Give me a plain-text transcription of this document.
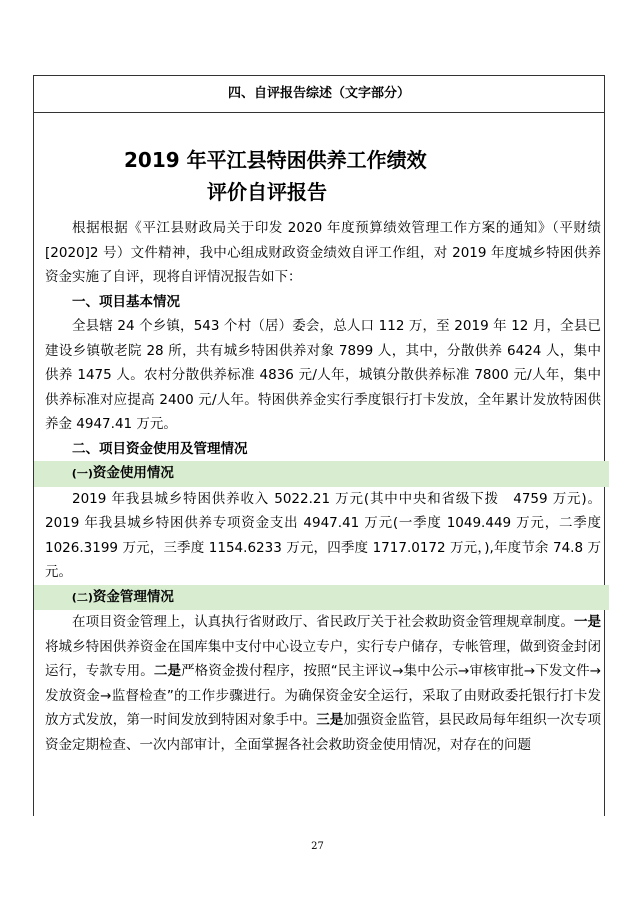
四、自评报告综述（文字部分）
2019 年平江县特困供养工作绩效
评价自评报告

根据根据《平江县财政局关于印发 2020 年度预算绩效管理工作方案的通知》（平财绩[2020]2 号）文件精神，我中心组成财政资金绩效自评工作组，对 2019 年度城乡特困供养资金实施了自评，现将自评情况报告如下：

一、项目基本情况

全县辖 24 个乡镇，543 个村（居）委会，总人口 112 万，至 2019 年 12 月，全县已建设乡镇敬老院 28 所，共有城乡特困供养对象 7899 人，其中，分散供养 6424 人，集中供养 1475 人。农村分散供养标准 4836 元/人年，城镇分散供养标准 7800 元/人年，集中供养标准对应提高 2400 元/人年。特困供养金实行季度银行打卡发放，全年累计发放特困供养金 4947.41 万元。

二、项目资金使用及管理情况

(一)资金使用情况

2019 年我县城乡特困供养收入 5022.21 万元(其中中央和省级下拨　4759 万元)。2019 年我县城乡特困供养专项资金支出 4947.41 万元(一季度 1049.449 万元，二季度 1026.3199 万元，三季度 1154.6233 万元，四季度 1717.0172 万元，),年度节余 74.8 万元。

(二)资金管理情况

在项目资金管理上，认真执行省财政厅、省民政厅关于社会救助资金管理规章制度。一是将城乡特困供养资金在国库集中支付中心设立专户，实行专户储存，专帐管理，做到资金封闭运行，专款专用。二是严格资金拨付程序，按照“民主评议→集中公示→审核审批→下发文件→发放资金→监督检查”的工作步骤进行。为确保资金安全运行，采取了由财政委托银行打卡发放方式发放，第一时间发放到特困对象手中。三是加强资金监管，县民政局每年组织一次专项资金定期检查、一次内部审计，全面掌握各社会救助资金使用情况，对存在的问题

27
